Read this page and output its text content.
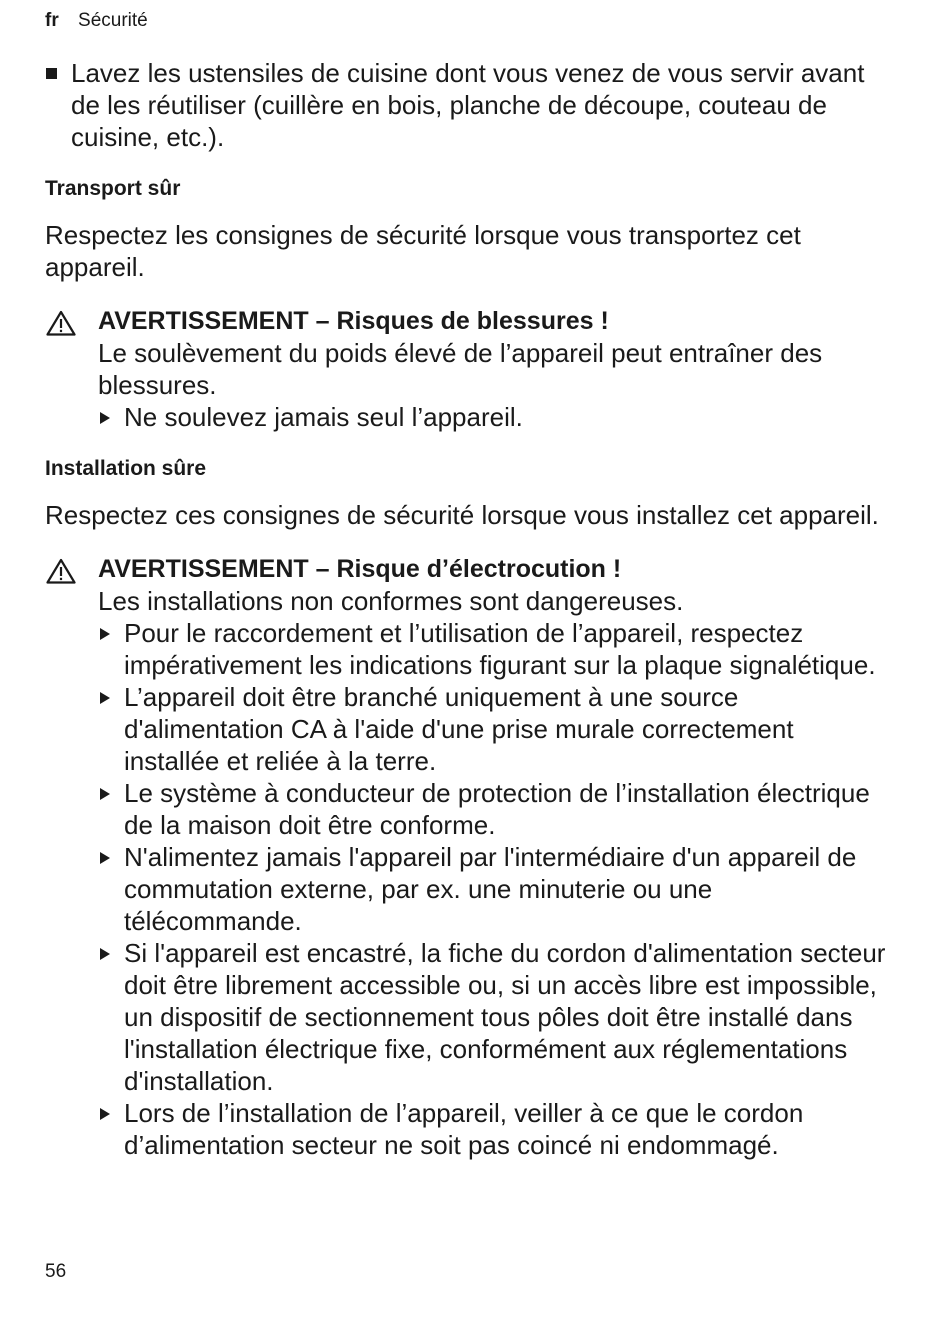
fr Sécurité
Lavez les ustensiles de cuisine dont vous venez de vous servir avant de les réutiliser (cuillère en bois, planche de découpe, couteau de cuisine, etc.).
Transport sûr

Respectez les consignes de sécurité lorsque vous transportez cet appareil.

AVERTISSEMENT – Risques de blessures !
Le soulèvement du poids élevé de l’appareil peut entraîner des blessures.
Ne soulevez jamais seul l’appareil.
Installation sûre

Respectez ces consignes de sécurité lorsque vous installez cet appareil.

AVERTISSEMENT – Risque d’électrocution !
Les installations non conformes sont dangereuses.
Pour le raccordement et l’utilisation de l’appareil, respectez impérativement les indications figurant sur la plaque signalétique.
L’appareil doit être branché uniquement à une source d'alimentation CA à l'aide d'une prise murale correctement installée et reliée à la terre.
Le système à conducteur de protection de l’installation électrique de la maison doit être conforme.
N'alimentez jamais l'appareil par l'intermédiaire d'un appareil de commutation externe, par ex. une minuterie ou une télécommande.
Si l'appareil est encastré, la fiche du cordon d'alimentation secteur doit être librement accessible ou, si un accès libre est impossible, un dispositif de sectionnement tous pôles doit être installé dans l'installation électrique fixe, conformément aux réglementations d'installation.
Lors de l’installation de l’appareil, veiller à ce que le cordon d’alimentation secteur ne soit pas coincé ni endommagé.
56
